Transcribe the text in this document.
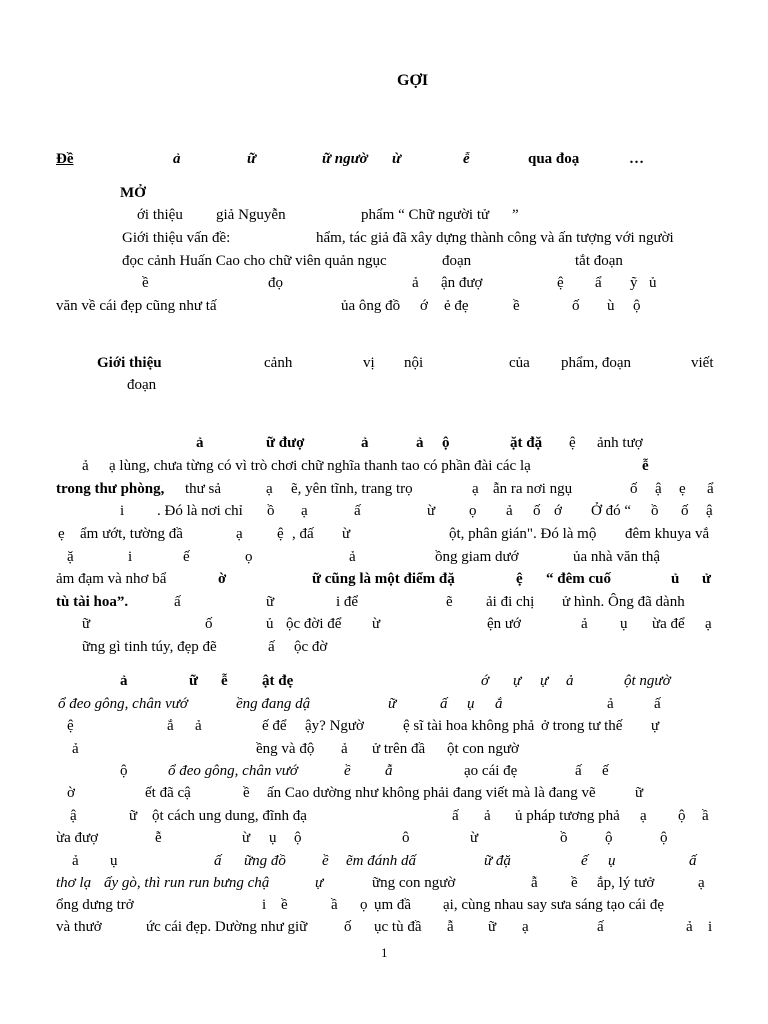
GỢI
Đề	ả	ữ	ữ ngườ ừ	ễ	qua đoạ	…
MỞ
ới thiệu giả Nguyễn	phẩm “ Chữ người tử ”
Giới thiệu vấn đề:	hẩm, tác giả đã xây dựng thành công và ấn tượng với người
đọc cảnh Huấn Cao cho chữ viên quản ngục	đoạn	tắt đoạn
ề	đọ	ả ận đượ	ệ ẩ ỹ ủ
văn về cái đẹp cũng như tấ	ủa ông đồ ớ ẻ đẹ	ề	ố ù ộ
Giới thiệu	cảnh	vị nội	của phẩm, đoạn	viết
đoạn
ả	ữ đượ	ả	ả ộ	ặt đặ ệ ảnh tượ
ả ạ lùng, chưa từng có vì trò chơi chữ nghĩa thanh tao có phần đài các lạ	ễ
trong thư phòng, thư sả	ạ ẽ, yên tĩnh, trang trọ	ạ ẫn ra nơi ngụ	ố ậ ẹ ẩ
i . Đó là nơi chỉ ồ ạ	ấ	ừ ọ ả ố ớ Ở đó “ ồ ố ậ
ẹ ẩm ướt, tường đầ	ạ ệ , đấ ừ	ột, phân gián". Đó là mộ đêm khuya vắ
ặ	i	ế	ọ	ả	ồng giam dướ	ủa nhà văn thậ
ảm đạm và nhơ bẩ	ờ	ữ cũng là một điểm đặ	ệ “ đêm cuố	ủ ử
tù tài hoa”.	ấ	ữ	i để	ẽ ải đi chị ử hình. Ông đã dành
ữ	ố	ủ ộc đời để ừ	ện ướ	ả ụ ừa để ạ
ững gì tinh túy, đẹp đẽ	ấ ộc đờ
ả	ữ ễ ật đẹ	ớ ự ự ả	ột ngườ
ổ đeo gông, chân vướ	ềng đang dậ	ữ	ấ ụ ắ	ả	ấ
ệ	ắ ả	ế để ậy? Ngườ	ệ sĩ tài hoa không phả ở trong tư thế ự
ả	ềng và độ ả ử trên đầ ột con ngườ
ộ	ổ đeo gông, chân vướ	ề ẫ	ạo cái đẹ	ấ ế
ờ	ết đã cậ	ề ấn Cao dường như không phải đang viết mà là đang vẽ	ữ
ậ	ữ ột cách ung dung, đĩnh đạ	ấ ả ủ pháp tương phả ạ ộ ầ
ừa đượ	ễ	ừ ụ ộ	ô	ừ	ồ	ộ	ộ
ả ụ	ấ ững đồ ề ẽm đánh dấ	ữ đặ	ế ụ	ấ
thơ lạ ấy gò, thì run run bưng chậ	ự	ững con ngườ	ẫ ề ắp, lý tưở	ạ
ổng dưng trở	i ề	ầ ọ ụm đầ ại, cùng nhau say sưa sáng tạo cái đẹ
và thưở	ức cái đẹp. Dường như giữ ố ục tù đầ ẫ ữ ạ	ấ	ả i
1
